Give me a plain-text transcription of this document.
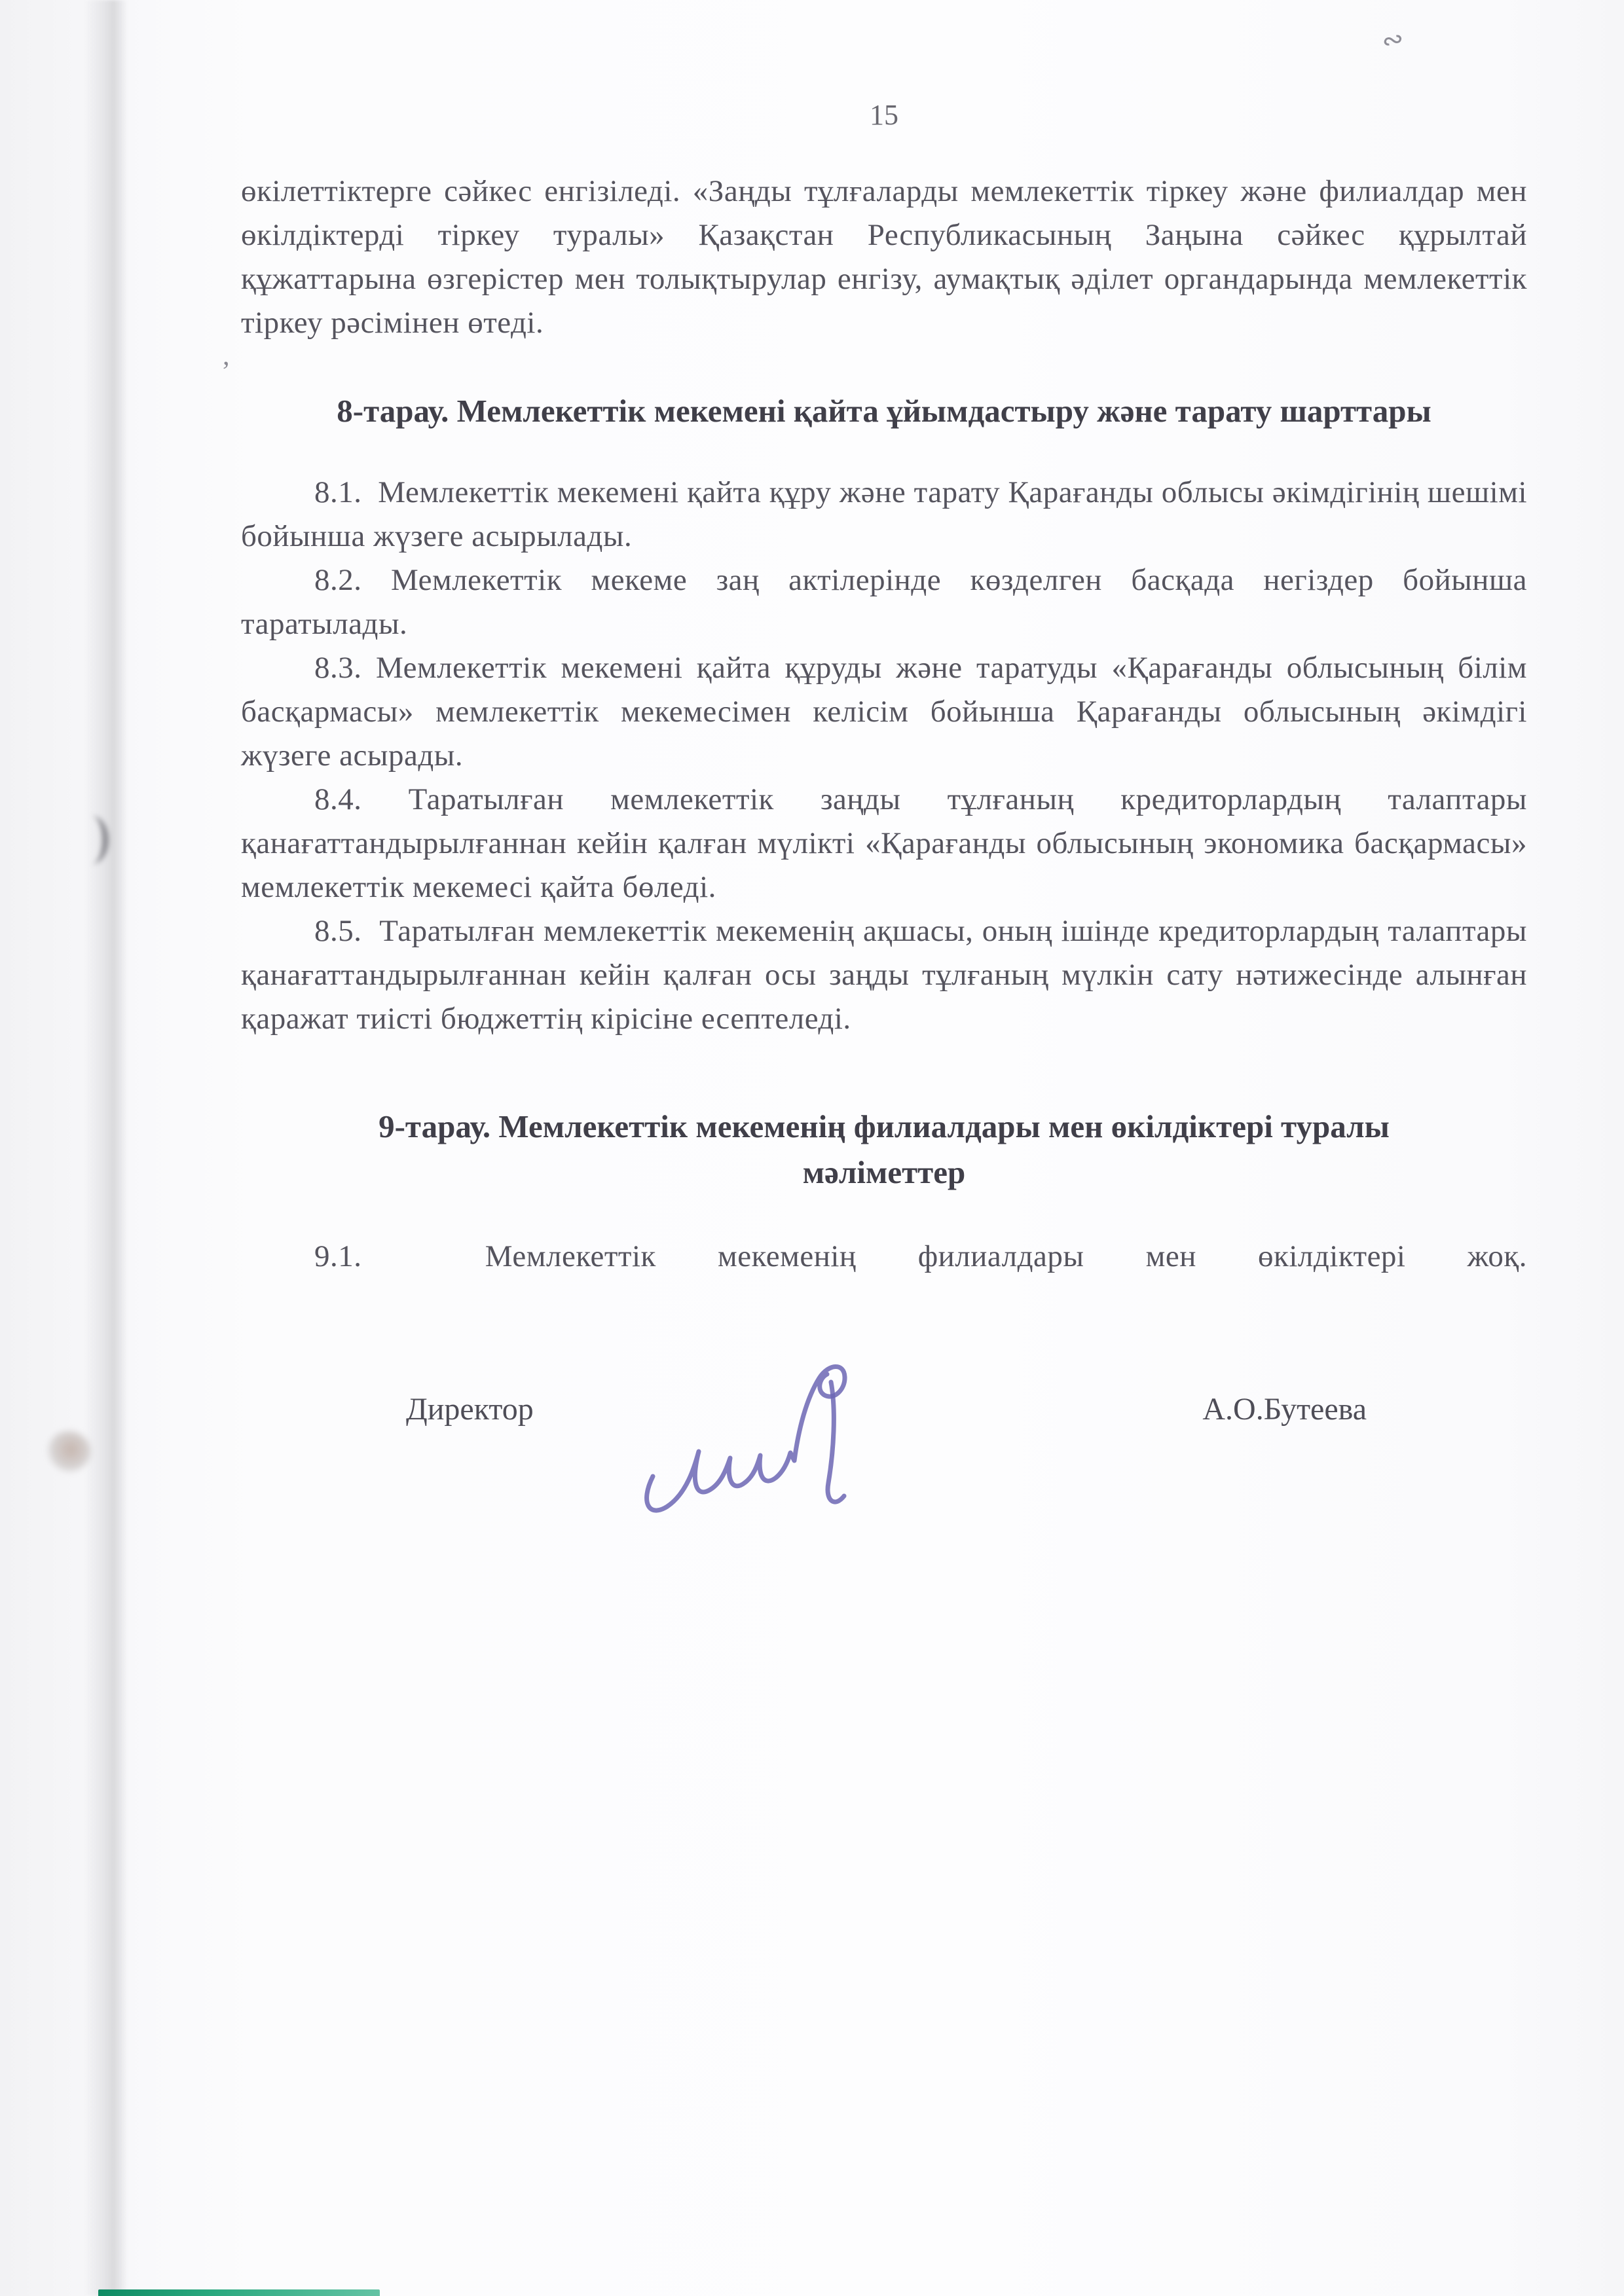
15

өкілеттіктерге сәйкес енгізіледі. «Заңды тұлғаларды мемлекеттік тіркеу және филиалдар мен өкілдіктерді тіркеу туралы» Қазақстан Республикасының Заңына сәйкес құрылтай құжаттарына өзгерістер мен толықтырулар енгізу, аумақтық әділет органдарында мемлекеттік тіркеу рәсімінен өтеді.

8-тарау. Мемлекеттік мекемені қайта ұйымдастыру және тарату шарттары

8.1. Мемлекеттік мекемені қайта құру және тарату Қарағанды облысы әкімдігінің шешімі бойынша жүзеге асырылады.

8.2. Мемлекеттік мекеме заң актілерінде көзделген басқада негіздер бойынша таратылады.

8.3. Мемлекеттік мекемені қайта құруды және таратуды «Қарағанды облысының білім басқармасы» мемлекеттік мекемесімен келісім бойынша Қарағанды облысының әкімдігі жүзеге асырады.

8.4. Таратылған мемлекеттік заңды тұлғаның кредиторлардың талаптары қанағаттандырылғаннан кейін қалған мүлікті «Қарағанды облысының экономика басқармасы» мемлекеттік мекемесі қайта бөледі.

8.5. Таратылған мемлекеттік мекеменің ақшасы, оның ішінде кредиторлардың талаптары қанағаттандырылғаннан кейін қалған осы заңды тұлғаның мүлкін сату нәтижесінде алынған қаражат тиісті бюджеттің кірісіне есептеледі.

9-тарау. Мемлекеттік мекеменің филиалдары мен өкілдіктері туралы мәліметтер

9.1.	Мемлекеттік мекеменің филиалдары мен өкілдіктері жоқ.

Директор	А.О.Бутеева
∾
‚
